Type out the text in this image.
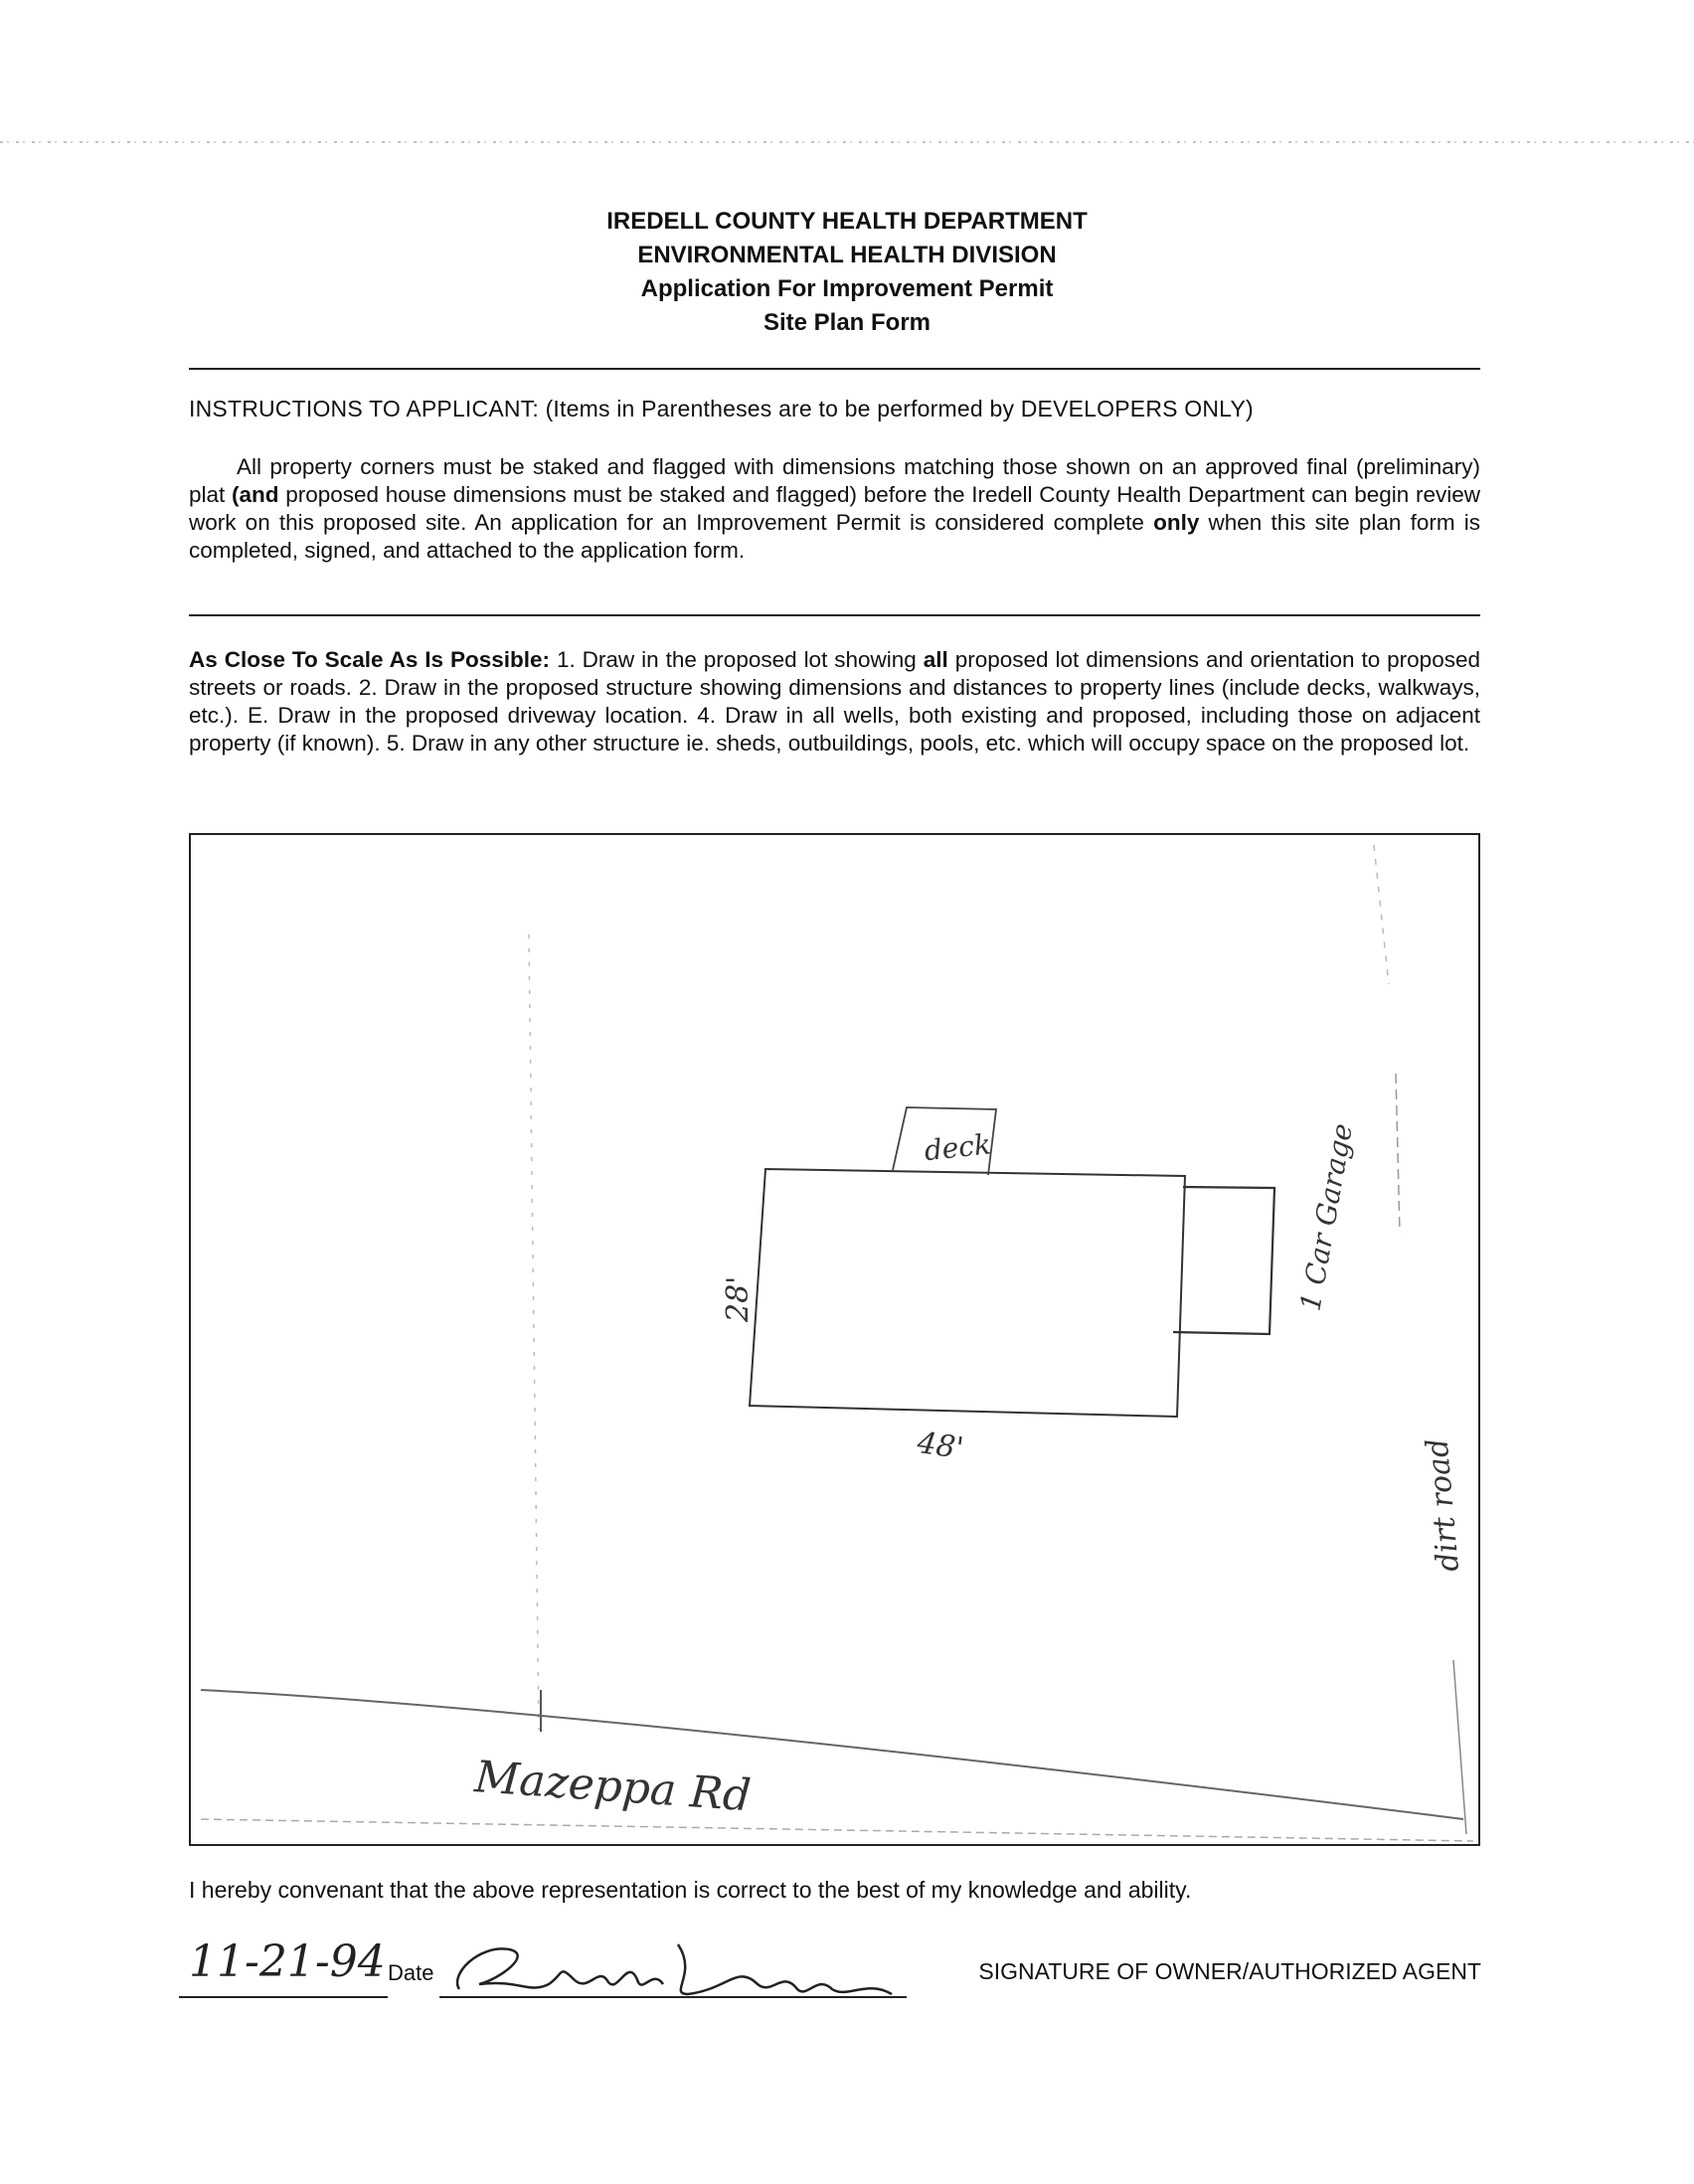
IREDELL COUNTY HEALTH DEPARTMENT
ENVIRONMENTAL HEALTH DIVISION
Application For Improvement Permit
Site Plan Form
INSTRUCTIONS TO APPLICANT: (Items in Parentheses are to be performed by DEVELOPERS ONLY)
All property corners must be staked and flagged with dimensions matching those shown on an approved final (preliminary) plat (and proposed house dimensions must be staked and flagged) before the Iredell County Health Department can begin review work on this proposed site. An application for an Improvement Permit is considered complete only when this site plan form is completed, signed, and attached to the application form.
As Close To Scale As Is Possible: 1. Draw in the proposed lot showing all proposed lot dimensions and orientation to proposed streets or roads. 2. Draw in the proposed structure showing dimensions and distances to property lines (include decks, walkways, etc.). E. Draw in the proposed driveway location. 4. Draw in all wells, both existing and proposed, including those on adjacent property (if known). 5. Draw in any other structure ie. sheds, outbuildings, pools, etc. which will occupy space on the proposed lot.
deck
28'
48'
1 Car Garage
dirt road
Mazeppa Rd
I hereby convenant that the above representation is correct to the best of my knowledge and ability.
11-21-94 Date	SIGNATURE OF OWNER/AUTHORIZED AGENT
